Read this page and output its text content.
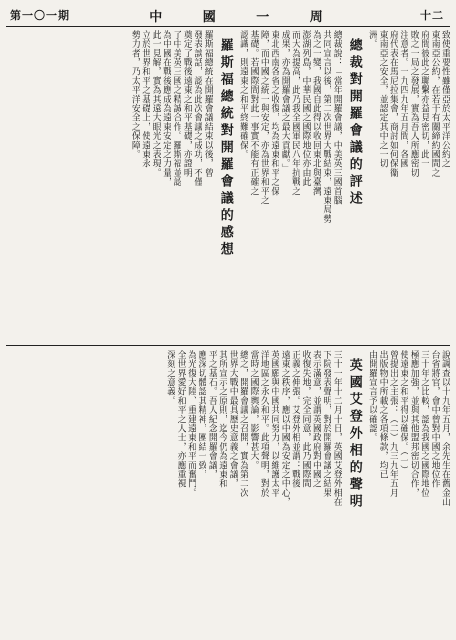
第一〇一期	中 國 一 周	十二
致使重要性雖僅亞於太平洋公約之
東南亞公約，在若干有關締約國間之
府間彼此之聯繫亦益見密切，此一
敗之一局之發展，實為吾人所應密切
注意者。一九四九年五月間，各國
府代表在馬尼拉集會，商討如何保衞
東南亞之安全，並認定其中之一切
洲。
總裁對開羅會議的評述
總裁說：「當年開羅會議，中美英三國首腦
共同宣言以後，第二次世界大戰結束，遠東局勢
為之一變，我國自此得以收回東北與臺灣
澎湖列島，中華民國之國際地位亦由此
而大為提高，此乃我全國軍民八年抗戰之
成果，亦為開羅會議之最大貢獻。」
東北西南各省之收復，均為遠東和平之保
障，而中國之統一與安定，亦為世界和平之
基礎。若國際間對此一事實不能有正確之
認識，則遠東之和平終難確保。
羅斯福總統對開羅會議的感想
羅斯福總統在開羅會議結束以後，曾
發表談話，認為此次會議之成功，不僅
奠定了戰後遠東之和平基礎，亦證明
了中美英三國之精誠合作。羅斯福並認
為中國在戰後應成為遠東安定之力量，
此一見解，實為其遠大眼光之表現。
立於世界和平之基礎上，使遠東永
勢力者，乃太平洋安全之保障。
說調查以十九年五月，余先生在舊金山
台省將官，會中曾對中國之地位作
三十年之比較，認為我國之國際地位
極應加強，並與其他盟邦密切合作，
使遠東之和平得以確保。（一）
曾提出之主張：（二）九三九年五月
出版物中所載之各項條款，均已
由開羅宣言予以確認。
英國艾登外相的聲明
三十一年十二月十日，英國艾登外相在
下院發表聲明，對於開羅會議之結果
表示滿意，並謂英國政府對中國之
收復失地，完全同意，此乃國際間
正義之伸張。艾登外相並謂：戰後
遠東之秩序，應以中國為安定之中心，
英國願與中國共同努力，以維護太平
洋地區之永久和平。此項聲明，對於
當時之國際輿論，影響甚大。
總之，開羅會議之召開，實為第二次
世界大戰中最具歷史意義之會議，
其所宣示之原則，迄今仍為遠東和
平之基石。吾人紀念開羅會議，
應深切體認其精神，團結一致，
為光復大陸、重建遠東和平而奮鬥。
全世界愛好和平之人士，亦應重視
深刻之意義。
